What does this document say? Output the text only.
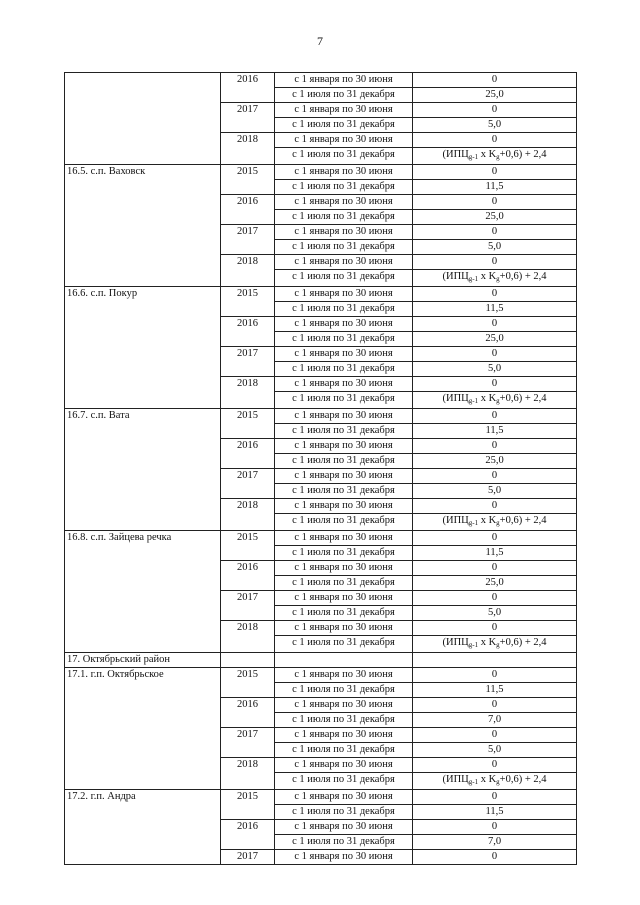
7
	2016	с 1 января по 30 июня	0
		с 1 июля по 31 декабря	25,0
	2017	с 1 января по 30 июня	0
		с 1 июля по 31 декабря	5,0
	2018	с 1 января по 30 июня	0
		с 1 июля по 31 декабря	($ИПЦ_{g-1}$ x $K_g+0,6) + 2,4$
16.5. с.п. Ваховск	2015	с 1 января по 30 июня	0
		с 1 июля по 31 декабря	11,5
	2016	с 1 января по 30 июня	0
		с 1 июля по 31 декабря	25,0
	2017	с 1 января по 30 июня	0
		с 1 июля по 31 декабря	5,0
	2018	с 1 января по 30 июня	0
		с 1 июля по 31 декабря	($ИПЦ_{g-1}$ x $K_g+0,6) + 2,4$
16.6. с.п. Покур	2015	с 1 января по 30 июня	0
		с 1 июля по 31 декабря	11,5
	2016	с 1 января по 30 июня	0
		с 1 июля по 31 декабря	25,0
	2017	с 1 января по 30 июня	0
		с 1 июля по 31 декабря	5,0
	2018	с 1 января по 30 июня	0
		с 1 июля по 31 декабря	($ИПЦ_{g-1}$ x $K_g+0,6) + 2,4$
16.7. с.п. Вата	2015	с 1 января по 30 июня	0
		с 1 июля по 31 декабря	11,5
	2016	с 1 января по 30 июня	0
		с 1 июля по 31 декабря	25,0
	2017	с 1 января по 30 июня	0
		с 1 июля по 31 декабря	5,0
	2018	с 1 января по 30 июня	0
		с 1 июля по 31 декабря	($ИПЦ_{g-1}$ x $K_g+0,6) + 2,4$
16.8. с.п. Зайцева речка	2015	с 1 января по 30 июня	0
		с 1 июля по 31 декабря	11,5
	2016	с 1 января по 30 июня	0
		с 1 июля по 31 декабря	25,0
	2017	с 1 января по 30 июня	0
		с 1 июля по 31 декабря	5,0
	2018	с 1 января по 30 июня	0
		с 1 июля по 31 декабря	($ИПЦ_{g-1}$ x $K_g+0,6) + 2,4$
17. Октябрьский район			
17.1. г.п. Октябрьское	2015	с 1 января по 30 июня	0
		с 1 июля по 31 декабря	11,5
	2016	с 1 января по 30 июня	0
		с 1 июля по 31 декабря	7,0
	2017	с 1 января по 30 июня	0
		с 1 июля по 31 декабря	5,0
	2018	с 1 января по 30 июня	0
		с 1 июля по 31 декабря	($ИПЦ_{g-1}$ x $K_g+0,6) + 2,4$
17.2. г.п. Андра	2015	с 1 января по 30 июня	0
		с 1 июля по 31 декабря	11,5
	2016	с 1 января по 30 июня	0
		с 1 июля по 31 декабря	7,0
	2017	с 1 января по 30 июня	0
